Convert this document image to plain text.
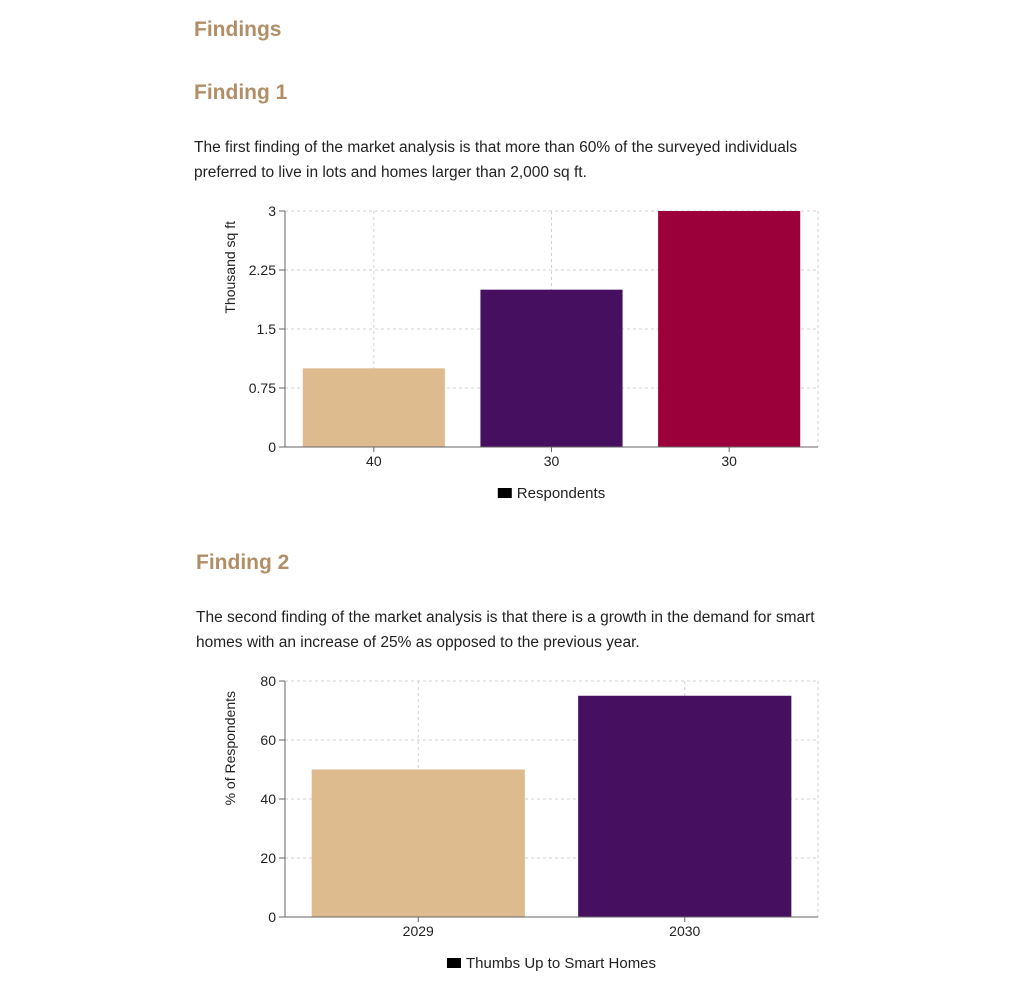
Findings
Finding 1

The first finding of the market analysis is that more than 60% of the surveyed individuals preferred to live in lots and homes larger than 2,000 sq ft.

0
0.75
1.5
2.25
3
40	30	30
Thousand sq ft
Respondents
Finding 2

The second finding of the market analysis is that there is a growth in the demand for smart homes with an increase of 25% as opposed to the previous year.

0
20
40
60
80
2029	2030
% of Respondents
Thumbs Up to Smart Homes
